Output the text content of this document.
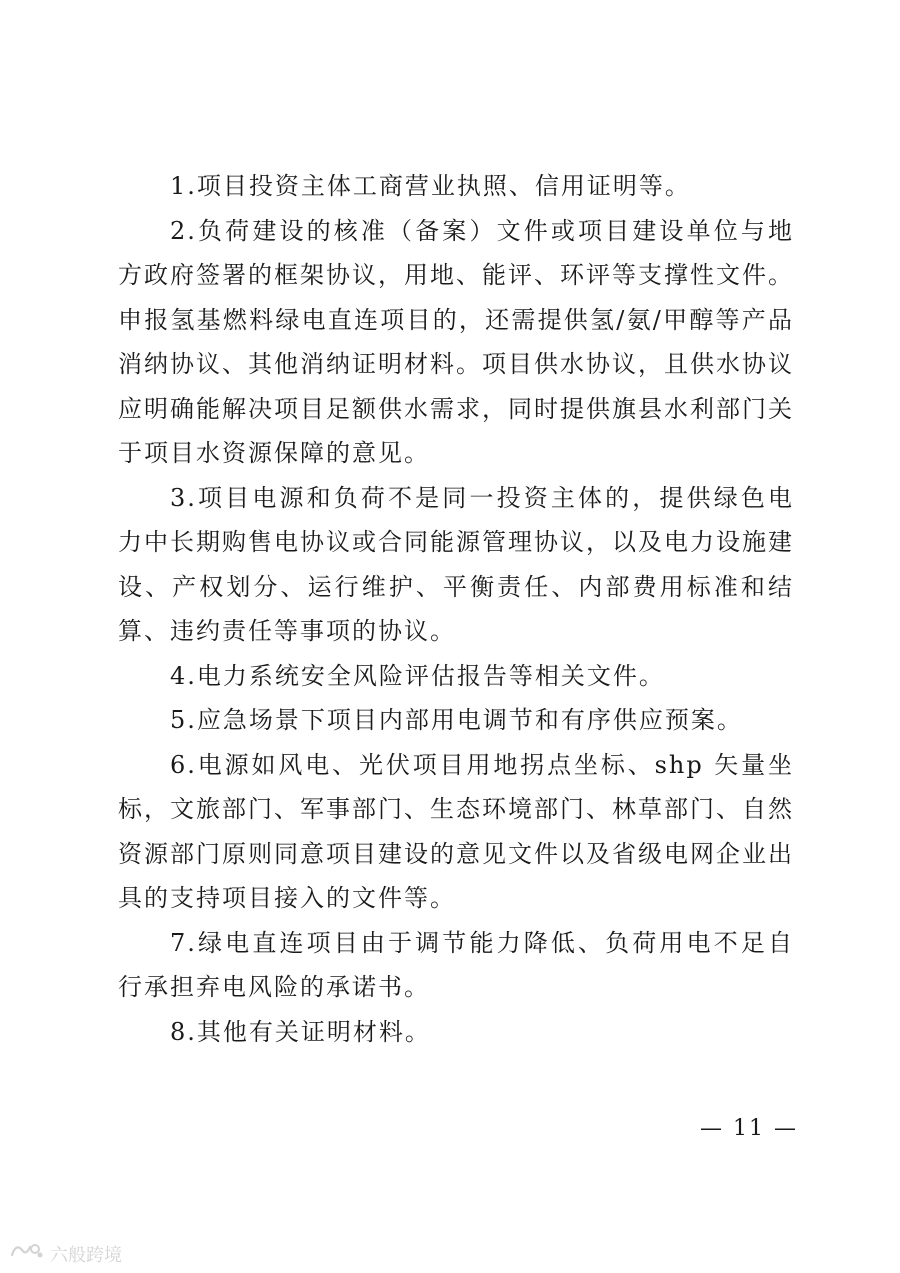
1.项目投资主体工商营业执照、信用证明等。

2.负荷建设的核准（备案）文件或项目建设单位与地方政府签署的框架协议，用地、能评、环评等支撑性文件。申报氢基燃料绿电直连项目的，还需提供氢/氨/甲醇等产品消纳协议、其他消纳证明材料。项目供水协议，且供水协议应明确能解决项目足额供水需求，同时提供旗县水利部门关于项目水资源保障的意见。

3.项目电源和负荷不是同一投资主体的，提供绿色电力中长期购售电协议或合同能源管理协议，以及电力设施建设、产权划分、运行维护、平衡责任、内部费用标准和结算、违约责任等事项的协议。

4.电力系统安全风险评估报告等相关文件。

5.应急场景下项目内部用电调节和有序供应预案。

6.电源如风电、光伏项目用地拐点坐标、shp 矢量坐标，文旅部门、军事部门、生态环境部门、林草部门、自然资源部门原则同意项目建设的意见文件以及省级电网企业出具的支持项目接入的文件等。

7.绿电直连项目由于调节能力降低、负荷用电不足自行承担弃电风险的承诺书。

8.其他有关证明材料。

— 11 —
六般跨境
